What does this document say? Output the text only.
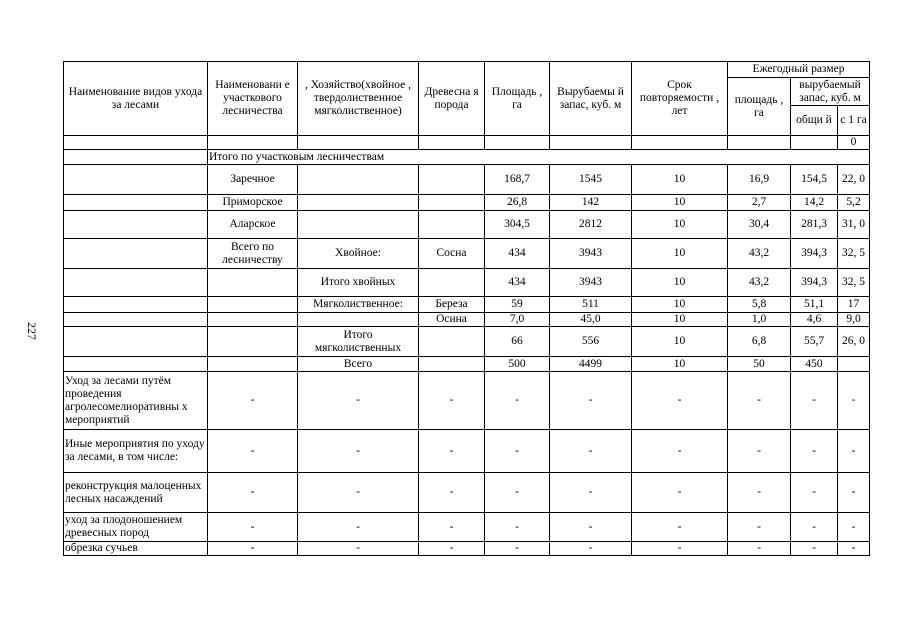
227
Наименование видов ухода за лесами	Наименовани е участкового лесничества	, Хозяйство(хвойное , твердолиственное мягколиственное)	Древесна я порода	Площадь , га	Вырубаемы й запас, куб. м	Срок повторяемости , лет	Ежегодный размер		
							площадь , га	вырубаемый запас, куб. м	
								общи й	с 1 га
									0
	Итого по участковым лесничествам								
	Заречное			168,7	1545	10	16,9	154,5	22, 0
	Приморское			26,8	142	10	2,7	14,2	5,2
	Аларское			304,5	2812	10	30,4	281,3	31, 0
	Всего по лесничеству	Хвойное:	Сосна	434	3943	10	43,2	394,3	32, 5
		Итого хвойных		434	3943	10	43,2	394,3	32, 5
		Мягколиственное:	Береза	59	511	10	5,8	51,1	17
			Осина	7,0	45,0	10	1,0	4,6	9,0
		Итого мягколиственных		66	556	10	6,8	55,7	26, 0
		Всего		500	4499	10	50	450	
Уход за лесами путём проведения агролесомелиоративны х мероприятий	-	-	-	-	-	-	-	-	-
Иные мероприятия по уходу за лесами, в том числе:	-	-	-	-	-	-	-	-	-
реконструкция малоценных лесных насаждений	-	-	-	-	-	-	-	-	-
уход за плодоношением древесных пород	-	-	-	-	-	-	-	-	-
обрезка сучьев	-	-	-	-	-	-	-	-	-
